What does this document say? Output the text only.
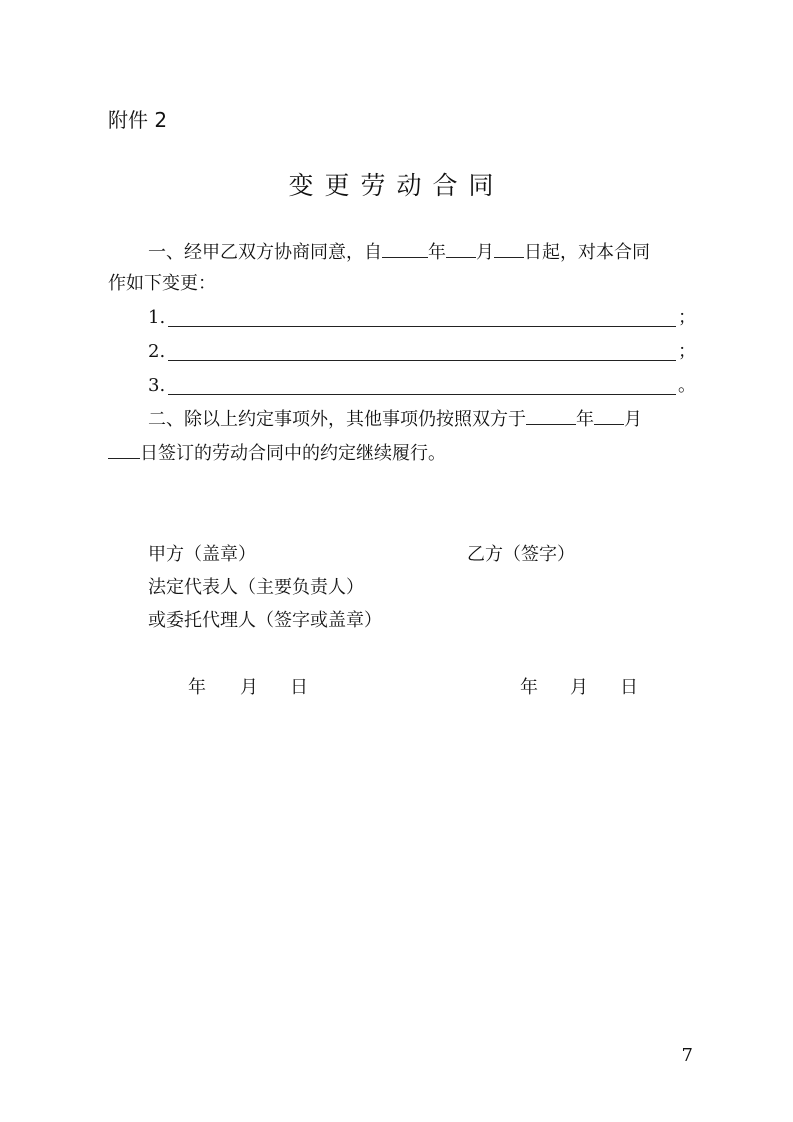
附件 2
变更劳动合同
一、经甲乙双方协商同意，自	年 月 日起，对本合同
作如下变更：
1.	；
2.	；
3.	。
二、除以上约定事项外，其他事项仍按照双方于	年 月
日签订的劳动合同中的约定继续履行。
甲方（盖章）	乙方（签字）
法定代表人（主要负责人）
或委托代理人（签字或盖章）
年 月 日	年 月 日
7
